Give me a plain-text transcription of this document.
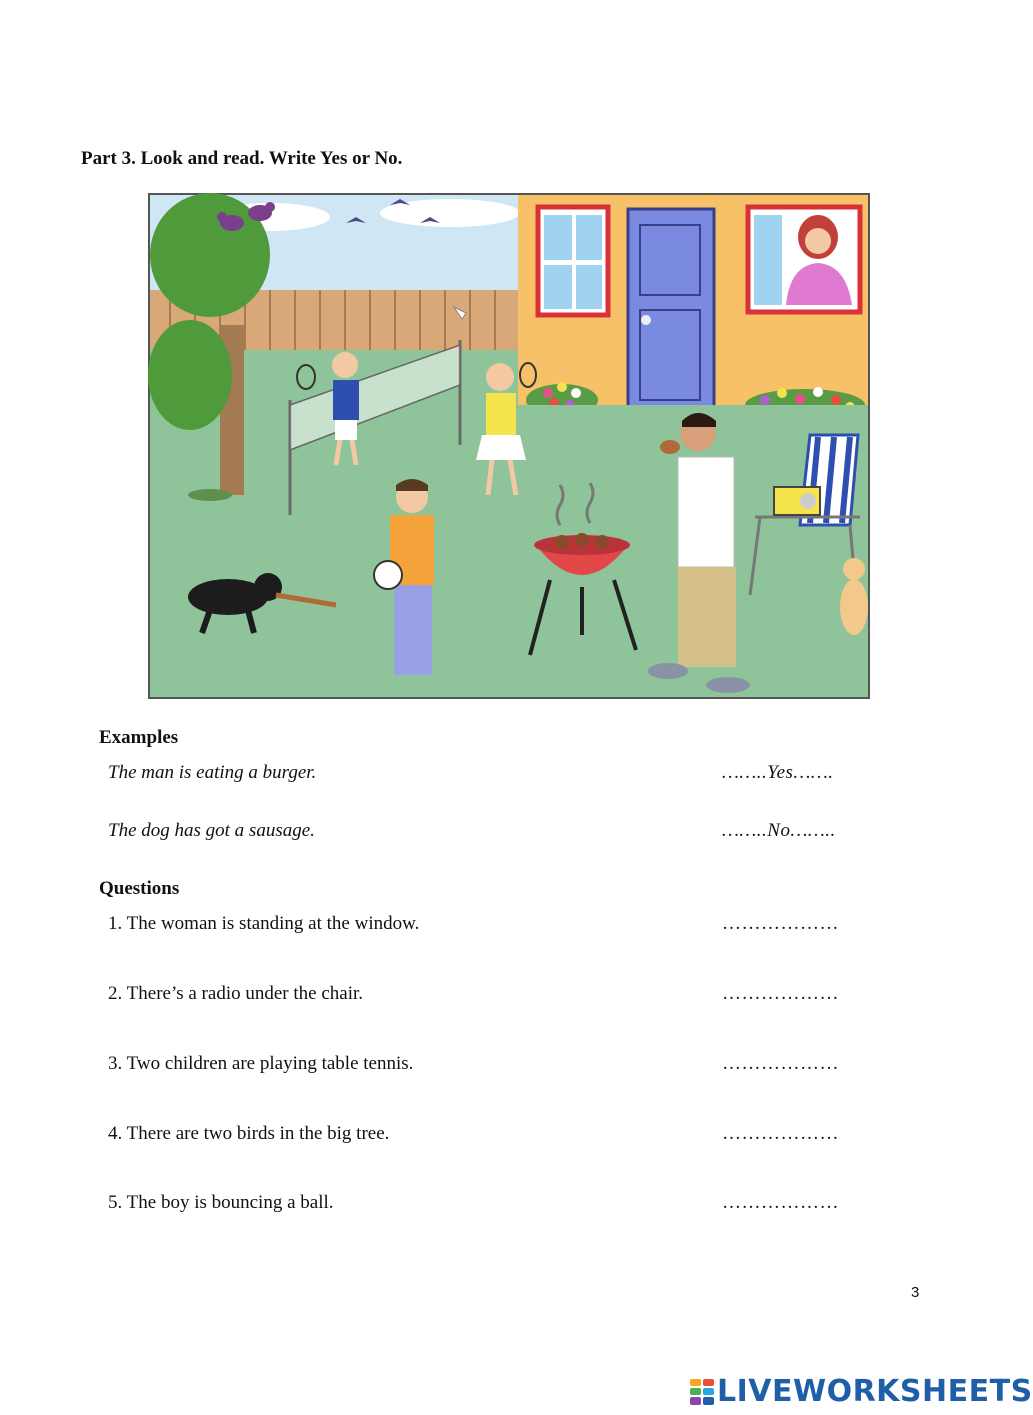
Part 3. Look and read. Write Yes or No.
Examples
The man is eating a burger.	……..Yes…….
The dog has got a sausage.	……..No……..
Questions
1. The woman is standing at the window.	………………
2. There’s a radio under the chair.	………………
3. Two children are playing table tennis.	………………
4. There are two birds in the big tree.	………………
5. The boy is bouncing a ball.	………………
3
LIVEWORKSHEETS
